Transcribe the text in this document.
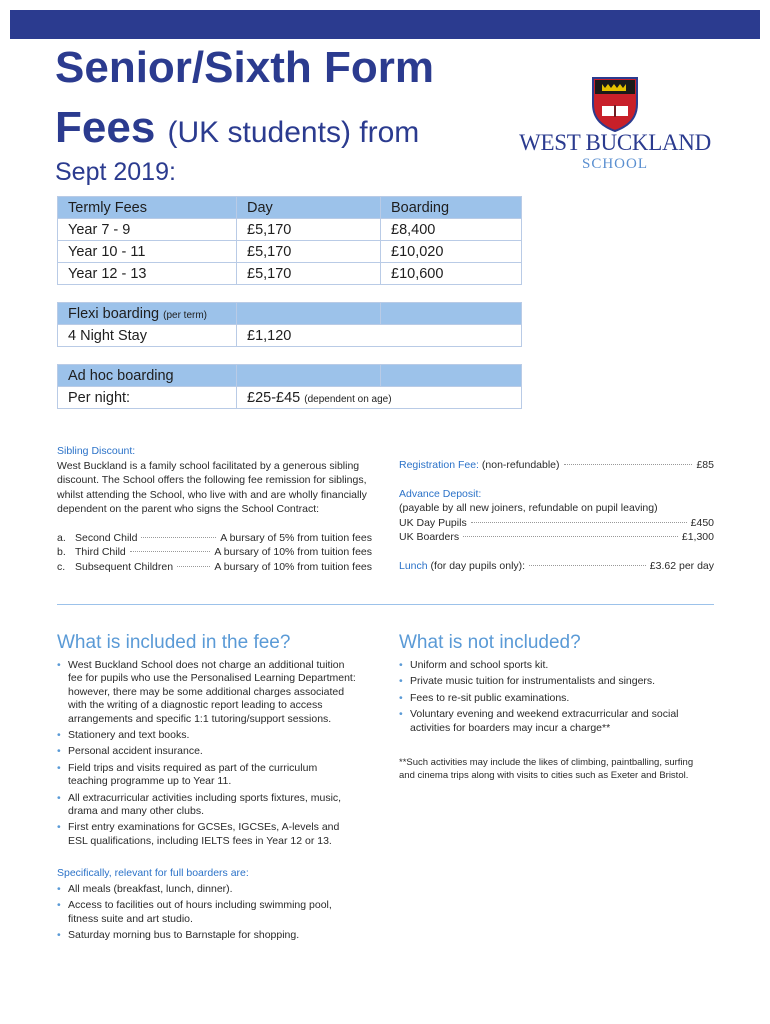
Senior/Sixth Form
Fees (UK students) from
Sept 2019:
WEST BUCKLAND
SCHOOL
Termly Fees	Day	Boarding
Year 7 - 9	£5,170	£8,400
Year 10 - 11	£5,170	£10,020
Year 12 - 13	£5,170	£10,600
Flexi boarding (per term)		
4 Night Stay	£1,120	
Ad hoc boarding		
Per night:	£25-£45 (dependent on age)	
Sibling Discount:
West Buckland is a family school facilitated by a generous sibling discount. The School offers the following fee remission for siblings, whilst attending the School, who live with and are wholly financially dependent on the parent who signs the School Contract:
a. Second Child	A bursary of 5% from tuition fees
b. Third Child	A bursary of 10% from tuition fees
c. Subsequent Children	A bursary of 10% from tuition fees
Registration Fee:
(non-refundable)	£85
Advance Deposit:
(payable by all new joiners, refundable on pupil leaving)
UK Day Pupils	£450
UK Boarders	£1,300
Lunch
(for day pupils only):	£3.62 per day
What is included in the fee?
• West Buckland School does not charge an additional tuition fee for pupils who use the Personalised Learning Department: however, there may be some additional charges associated with the writing of a diagnostic report leading to access arrangements and specific 1:1 tutoring/support sessions.
• Stationery and text books.
• Personal accident insurance.
• Field trips and visits required as part of the curriculum teaching programme up to Year 11.
• All extracurricular activities including sports fixtures, music, drama and many other clubs.
• First entry examinations for GCSEs, IGCSEs, A-levels and ESL qualifications, including IELTS fees in Year 12 or 13.
Specifically, relevant for full boarders are:
• All meals (breakfast, lunch, dinner).
• Access to facilities out of hours including swimming pool, fitness suite and art studio.
• Saturday morning bus to Barnstaple for shopping.
What is not included?
• Uniform and school sports kit.
• Private music tuition for instrumentalists and singers.
• Fees to re-sit public examinations.
• Voluntary evening and weekend extracurricular and social activities for boarders may incur a charge**
**Such activities may include the likes of climbing, paintballing, surfing and cinema trips along with visits to cities such as Exeter and Bristol.
